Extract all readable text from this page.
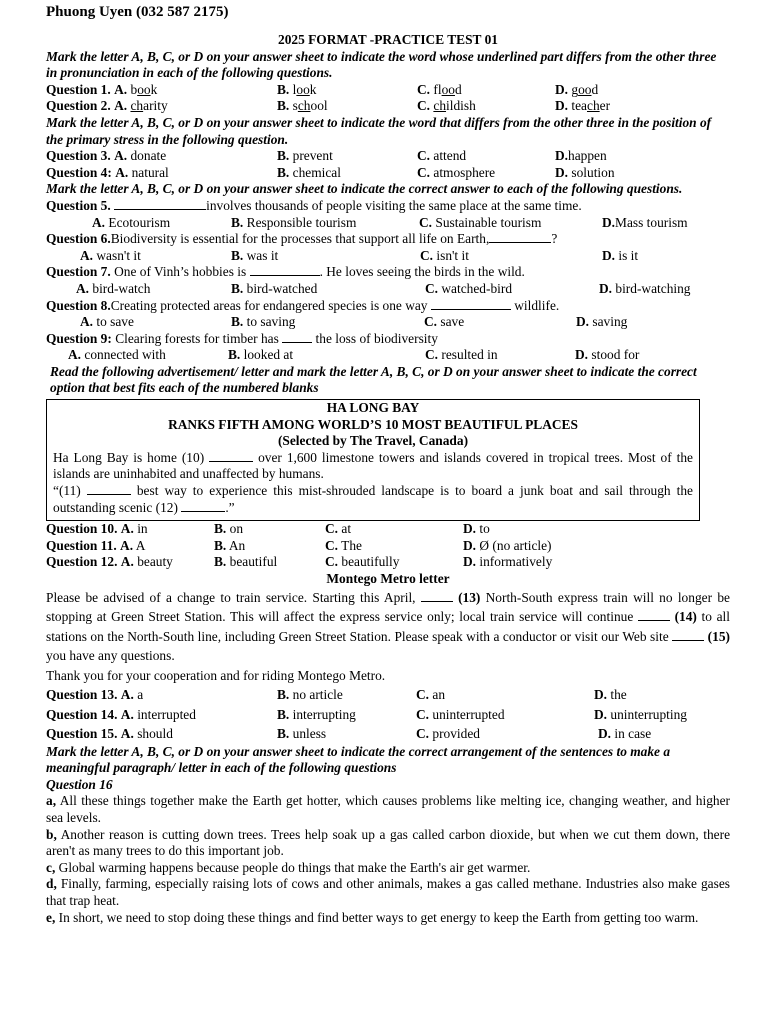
Phuong Uyen (032 587 2175)
2025 FORMAT -PRACTICE TEST 01
Mark the letter A, B, C, or D on your answer sheet to indicate the word whose underlined part differs from the other three in pronunciation in each of the following questions.
Question 1. A. book	B. look	C. flood	D. good
Question 2. A. charity	B. school	C. childish	D. teacher
Mark the letter A, B, C, or D on your answer sheet to indicate the word that differs from the other three in the position of the primary stress in the following question.
Question 3. A. donate	B. prevent	C. attend	D.happen
Question 4: A. natural	B. chemical	C. atmosphere	D. solution
Mark the letter A, B, C, or D on your answer sheet to indicate the correct answer to each of the following questions.
Question 5.	involves thousands of people visiting the same place at the same time.
A. Ecotourism	B. Responsible tourism	C. Sustainable tourism	D.Mass tourism
Question 6.Biodiversity is essential for the processes that support all life on Earth,	?
A. wasn't it	B. was it	C. isn't it	D. is it
Question 7. One of Vinh’s hobbies is	. He loves seeing the birds in the wild.
A. bird-watch	B. bird-watched	C. watched-bird	D. bird-watching
Question 8.Creating protected areas for endangered species is one way	wildlife.
A. to save	B. to saving	C. save	D. saving
Question 9: Clearing forests for timber has	the loss of biodiversity
A. connected with	B. looked at	C. resulted in	D. stood for
Read the following advertisement/ letter and mark the letter A, B, C, or D on your answer sheet to indicate the correct option that best fits each of the numbered blanks
HA LONG BAY
RANKS FIFTH AMONG WORLD’S 10 MOST BEAUTIFUL PLACES
(Selected by The Travel, Canada)

Ha Long Bay is home (10)	over 1,600 limestone towers and islands covered in tropical trees. Most of the islands are uninhabited and unaffected by humans.

“(11)	best way to experience this mist-shrouded landscape is to board a junk boat and sail through the outstanding scenic (12)	.”

Question 10. A. in	B. on	C. at	D. to
Question 11. A. A	B. An	C. The	D. Ø (no article)
Question 12. A. beauty	B. beautiful	C. beautifully	D. informatively
Montego Metro letter

Please be advised of a change to train service. Starting this April,	(13) North-South express train will no longer be stopping at Green Street Station. This will affect the express service only; local train service will continue	(14) to all stations on the North-South line, including Green Street Station. Please speak with a conductor or visit our Web site	(15) you have any questions.

Thank you for your cooperation and for riding Montego Metro.
Question 13. A. a	B. no article	C. an	D. the
Question 14. A. interrupted	B. interrupting	C. uninterrupted	D. uninterrupting
Question 15. A. should	B. unless	C. provided	D. in case
Mark the letter A, B, C, or D on your answer sheet to indicate the correct arrangement of the sentences to make a meaningful paragraph/ letter in each of the following questions
Question 16

a, All these things together make the Earth get hotter, which causes problems like melting ice, changing weather, and higher sea levels.

b, Another reason is cutting down trees. Trees help soak up a gas called carbon dioxide, but when we cut them down, there aren't as many trees to do this important job.

c, Global warming happens because people do things that make the Earth's air get warmer.

d, Finally, farming, especially raising lots of cows and other animals, makes a gas called methane. Industries also make gases that trap heat.

e, In short, we need to stop doing these things and find better ways to get energy to keep the Earth from getting too warm.
